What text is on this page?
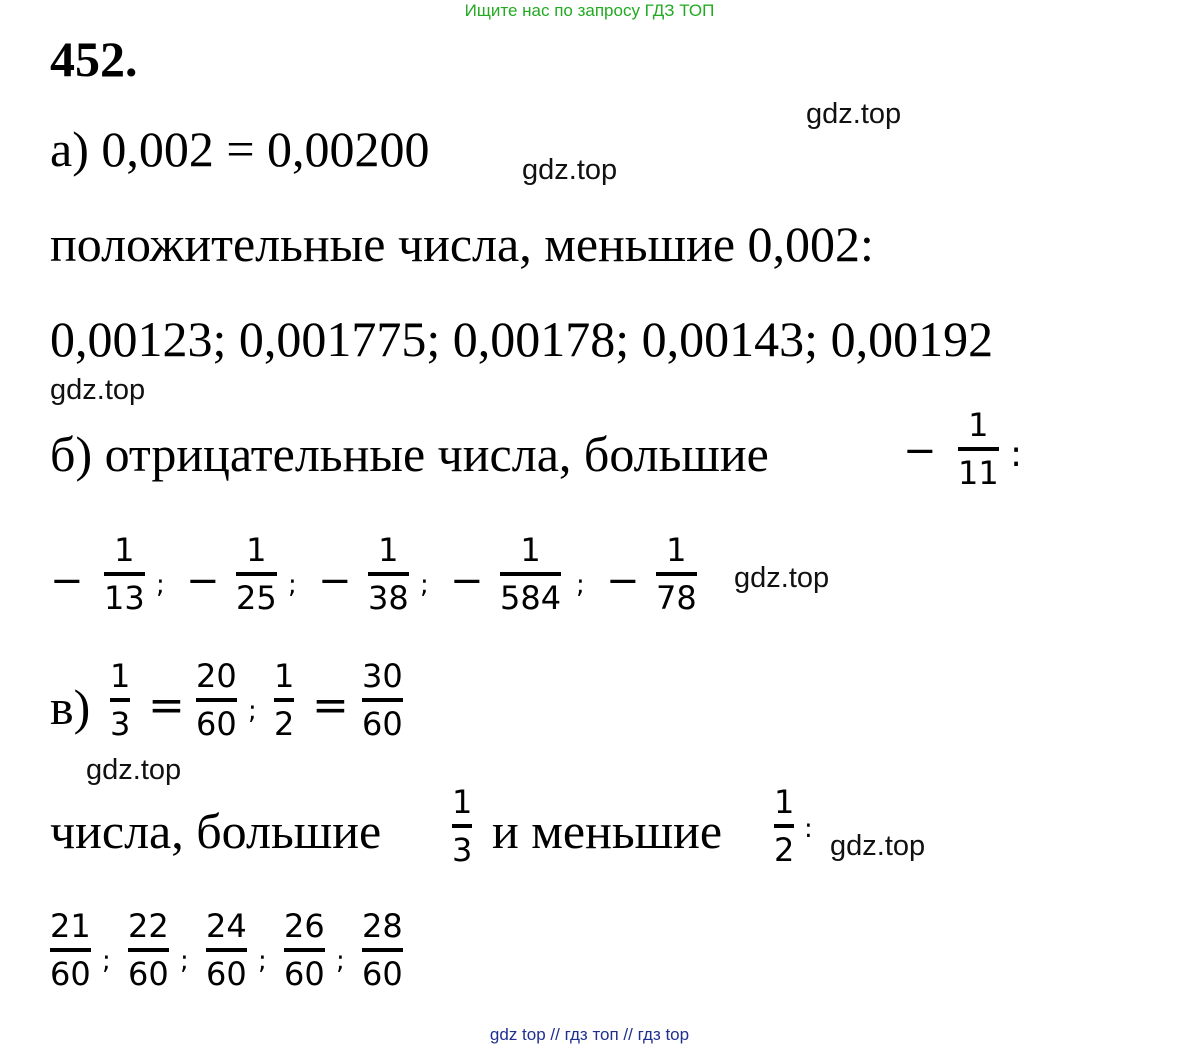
Ищите нас по запросу ГДЗ ТОП
gdz top // гдз топ // гдз top
gdz.top
gdz.top
gdz.top
gdz.top
gdz.top
gdz.top
452.
а) 0,002 = 0,00200
положительные числа, меньшие 0,002:
0,00123; 0,001775; 0,00178; 0,00143; 0,00192
б) отрицательные числа, большие	−
1
11 :
−
1
13 ; −
1
25 ; −
1
38 ; −
1
584 ; −
1
78
в)
1
3 =
20
60 ;
1
2 =
30
60
числа, большие
1
3 и меньшие
1
2
:
21
60 ;
22
60 ;
24
60 ;
26
60 ;
28
60
